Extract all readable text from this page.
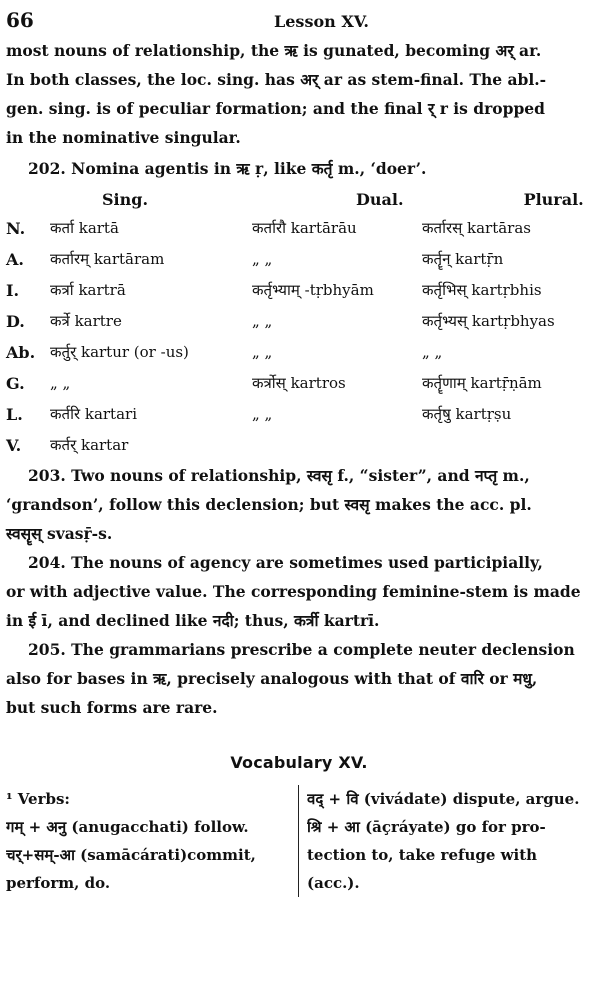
66	Lesson XV.

most nouns of relationship, the ऋ is gunated, becoming अर् ar.

In both classes, the loc. sing. has अर् ar as stem-final. The abl.-

gen. sing. is of peculiar formation; and the final र् r is dropped

in the nominative singular.

202. Nomina agentis in ऋ ṛ, like कर्तृ m., ‘doer’.
Sing.	Dual.	Plural.
N.	कर्ता kartā	कर्तारौ kartārāu	कर्तारस् kartāras
A.	कर्तारम् kartāram	„ „	कर्तॄन् kartṝn
I.	कर्त्रा kartrā	कर्तृभ्याम् -tṛbhyām	कर्तृभिस् kartṛbhis
D.	कर्त्रे kartre	„ „	कर्तृभ्यस् kartṛbhyas
Ab. कर्तुर् kartur (or -us)	„ „	„ „
G.	„ „	कर्त्रोस् kartros	कर्तॄणाम् kartṝṇām
L.	कर्तरि kartari	„ „	कर्तृषु kartṛṣu
V.	कर्तर् kartar

203. Two nouns of relationship, स्वसृ f., “sister”, and नप्तृ m.,

‘grandson’, follow this declension; but स्वसृ makes the acc. pl.

स्वसॄस् svasṝ-s.

204. The nouns of agency are sometimes used participially,

or with adjective value. The corresponding feminine-stem is made

in ई ī, and declined like नदी; thus, कर्त्री kartrī.

205. The grammarians prescribe a complete neuter declension

also for bases in ऋ, precisely analogous with that of वारि or मधु,

but such forms are rare.

Vocabulary XV.
¹ Verbs:
गम् + अनु (anugacchati) follow.
चर्+सम्-आ (samācárati)commit,
perform, do.
वद् + वि (vivádate) dispute, argue.
श्रि + आ (āçráyate) go for pro-
tection to, take refuge with
(acc.).
